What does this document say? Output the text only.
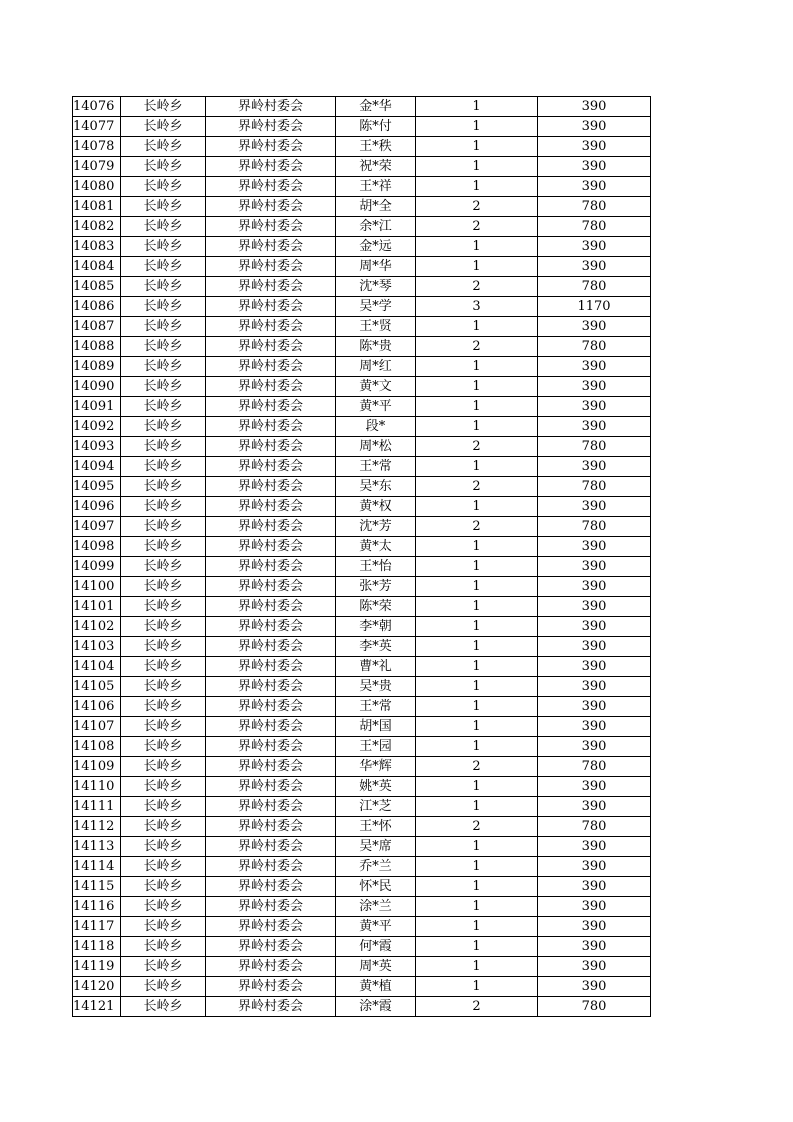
14076	长岭乡	界岭村委会	金*华	1	390
14077	长岭乡	界岭村委会	陈*付	1	390
14078	长岭乡	界岭村委会	王*秩	1	390
14079	长岭乡	界岭村委会	祝*荣	1	390
14080	长岭乡	界岭村委会	王*祥	1	390
14081	长岭乡	界岭村委会	胡*全	2	780
14082	长岭乡	界岭村委会	余*江	2	780
14083	长岭乡	界岭村委会	金*远	1	390
14084	长岭乡	界岭村委会	周*华	1	390
14085	长岭乡	界岭村委会	沈*琴	2	780
14086	长岭乡	界岭村委会	吴*学	3	1170
14087	长岭乡	界岭村委会	王*贤	1	390
14088	长岭乡	界岭村委会	陈*贵	2	780
14089	长岭乡	界岭村委会	周*红	1	390
14090	长岭乡	界岭村委会	黄*文	1	390
14091	长岭乡	界岭村委会	黄*平	1	390
14092	长岭乡	界岭村委会	段*	1	390
14093	长岭乡	界岭村委会	周*松	2	780
14094	长岭乡	界岭村委会	王*常	1	390
14095	长岭乡	界岭村委会	吴*东	2	780
14096	长岭乡	界岭村委会	黄*权	1	390
14097	长岭乡	界岭村委会	沈*芳	2	780
14098	长岭乡	界岭村委会	黄*太	1	390
14099	长岭乡	界岭村委会	王*怡	1	390
14100	长岭乡	界岭村委会	张*芳	1	390
14101	长岭乡	界岭村委会	陈*荣	1	390
14102	长岭乡	界岭村委会	李*朝	1	390
14103	长岭乡	界岭村委会	李*英	1	390
14104	长岭乡	界岭村委会	曹*礼	1	390
14105	长岭乡	界岭村委会	吴*贵	1	390
14106	长岭乡	界岭村委会	王*常	1	390
14107	长岭乡	界岭村委会	胡*国	1	390
14108	长岭乡	界岭村委会	王*园	1	390
14109	长岭乡	界岭村委会	华*辉	2	780
14110	长岭乡	界岭村委会	姚*英	1	390
14111	长岭乡	界岭村委会	江*芝	1	390
14112	长岭乡	界岭村委会	王*怀	2	780
14113	长岭乡	界岭村委会	吴*席	1	390
14114	长岭乡	界岭村委会	乔*兰	1	390
14115	长岭乡	界岭村委会	怀*民	1	390
14116	长岭乡	界岭村委会	涂*兰	1	390
14117	长岭乡	界岭村委会	黄*平	1	390
14118	长岭乡	界岭村委会	何*霞	1	390
14119	长岭乡	界岭村委会	周*英	1	390
14120	长岭乡	界岭村委会	黄*植	1	390
14121	长岭乡	界岭村委会	涂*霞	2	780
